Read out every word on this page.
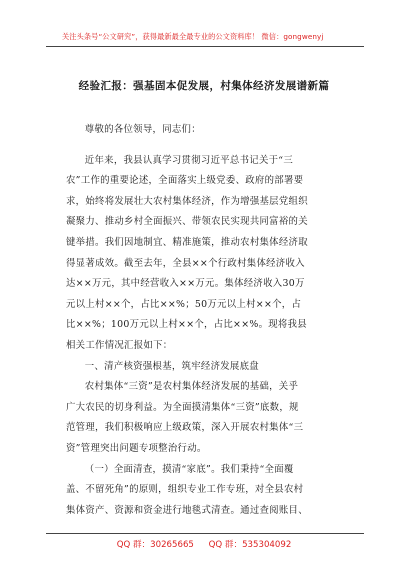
关注头条号“公文研究”，获得最新最全最专业的公文资料库！ 微信：gongwenyj
经验汇报：强基固本促发展，村集体经济发展谱新篇

尊敬的各位领导，同志们：

近年来，我县认真学习贯彻习近平总书记关于“三
农”工作的重要论述，全面落实上级党委、政府的部署要
求，始终将发展壮大农村集体经济，作为增强基层党组织
凝聚力、推动乡村全面振兴、带领农民实现共同富裕的关
键举措。我们因地制宜、精准施策，推动农村集体经济取
得显著成效。截至去年，全县××个行政村集体经济收入
达××万元，其中经营收入××万元。集体经济收入30万
元以上村××个，占比××%；50万元以上村××个，占
比××%；100万元以上村××个，占比××%。现将我县
相关工作情况汇报如下：

一、清产核资强根基，筑牢经济发展底盘

农村集体“三资”是农村集体经济发展的基础，关乎
广大农民的切身利益。为全面摸清集体“三资”底数，规
范管理，我们积极响应上级政策，深入开展农村集体“三
资”管理突出问题专项整治行动。

（一）全面清查，摸清“家底”。我们秉持“全面覆
盖、不留死角”的原则，组织专业工作专班，对全县农村
集体资产、资源和资金进行地毯式清查。通过查阅账目、

QQ 群：30265665 QQ 群：535304092
